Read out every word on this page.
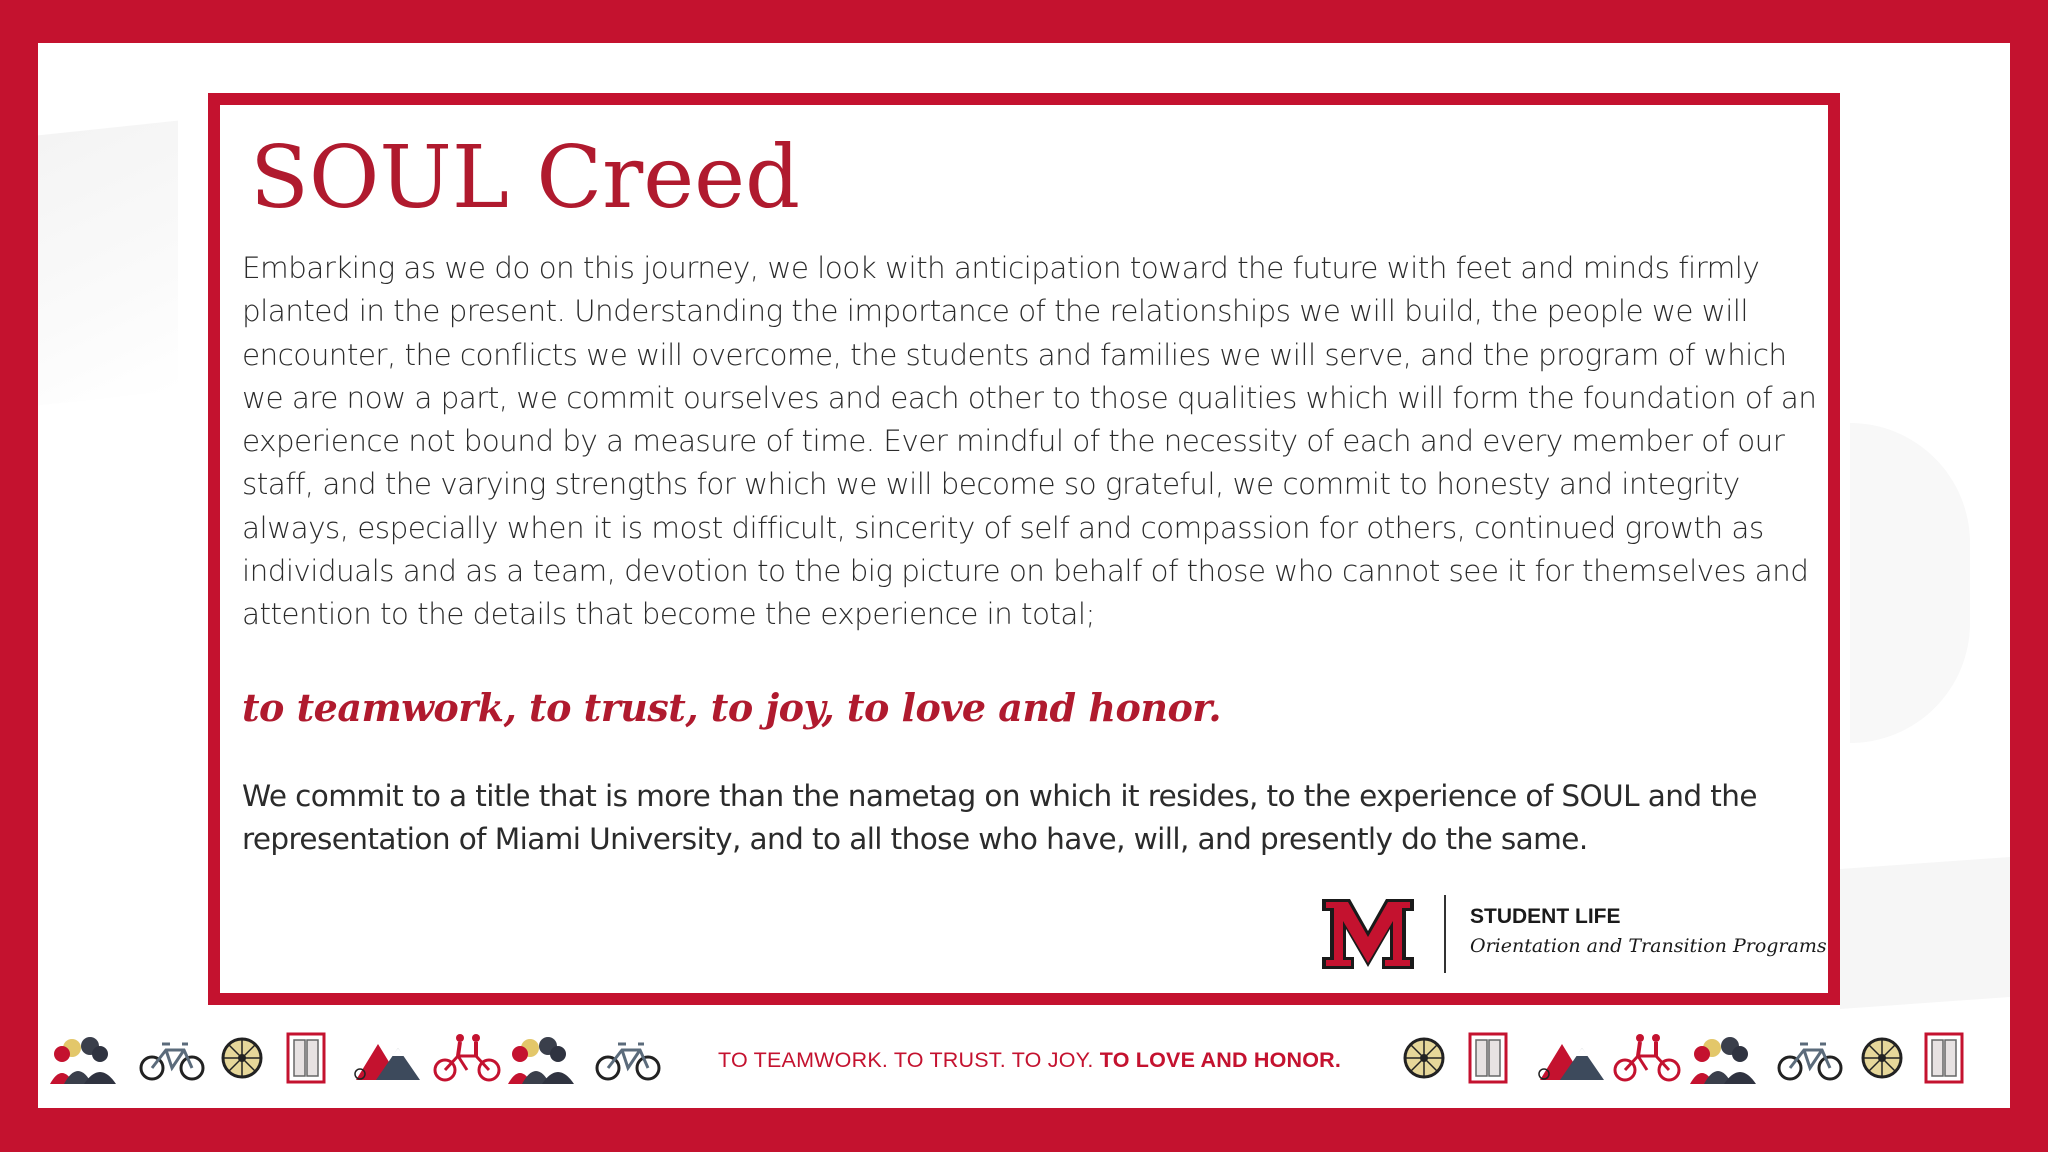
SOUL Creed
Embarking as we do on this journey, we look with anticipation toward the future with feet and minds firmly planted in the present. Understanding the importance of the relationships we will build, the people we will encounter, the conflicts we will overcome, the students and families we will serve, and the program of which we are now a part, we commit ourselves and each other to those qualities which will form the foundation of an experience not bound by a measure of time. Ever mindful of the necessity of each and every member of our staff, and the varying strengths for which we will become so grateful, we commit to honesty and integrity always, especially when it is most difficult, sincerity of self and compassion for others, continued growth as individuals and as a team, devotion to the big picture on behalf of those who cannot see it for themselves and attention to the details that become the experience in total;
to teamwork, to trust, to joy, to love and honor.
We commit to a title that is more than the nametag on which it resides, to the experience of SOUL and the representation of Miami University, and to all those who have, will, and presently do the same.
STUDENT LIFE
Orientation and Transition Programs
TO TEAMWORK. TO TRUST. TO JOY. TO LOVE AND HONOR.
